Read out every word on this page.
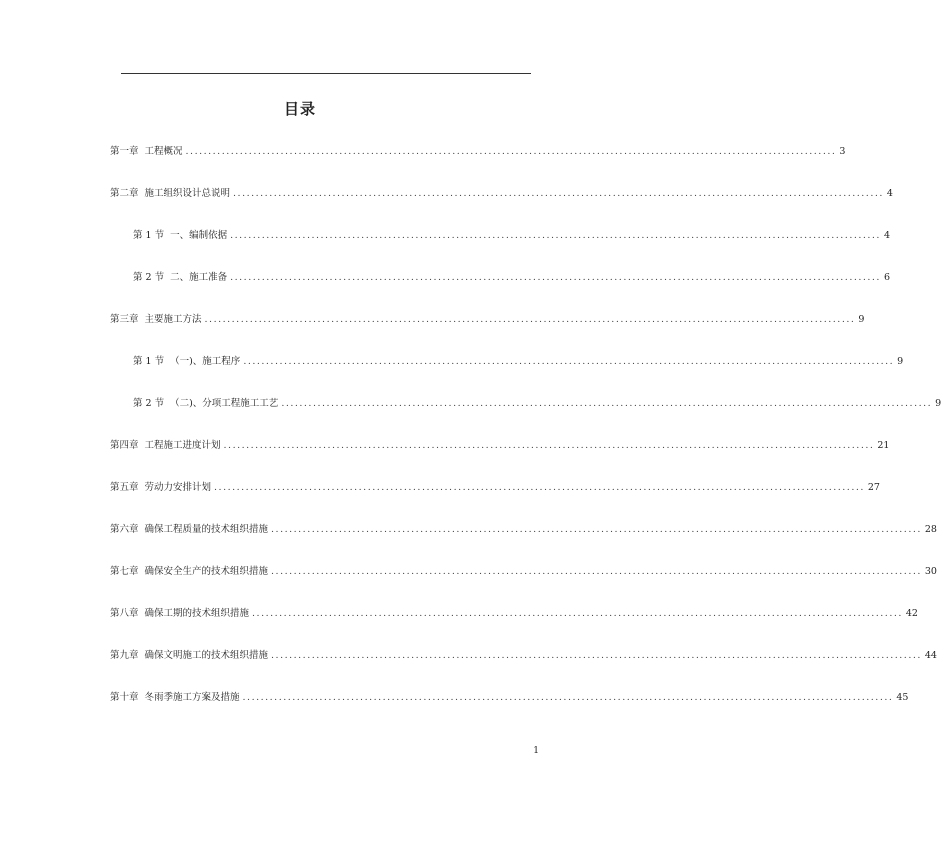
目录
第一章 工程概况 ................................................................................................................................................ 3
第二章 施工组织设计总说明 ................................................................................................................................................ 4
第 1 节 一、编制依据 ................................................................................................................................................ 4
第 2 节 二、施工准备 ................................................................................................................................................ 6
第三章 主要施工方法 ................................................................................................................................................ 9
第 1 节 （一)、施工程序 ................................................................................................................................................ 9
第 2 节 （二)、分项工程施工工艺 ................................................................................................................................................ 9
第四章 工程施工进度计划 ................................................................................................................................................ 21
第五章 劳动力安排计划 ................................................................................................................................................ 27
第六章 确保工程质量的技术组织措施 ................................................................................................................................................ 28
第七章 确保安全生产的技术组织措施 ................................................................................................................................................ 30
第八章 确保工期的技术组织措施 ................................................................................................................................................ 42
第九章 确保文明施工的技术组织措施 ................................................................................................................................................ 44
第十章 冬雨季施工方案及措施 ................................................................................................................................................ 45
1
